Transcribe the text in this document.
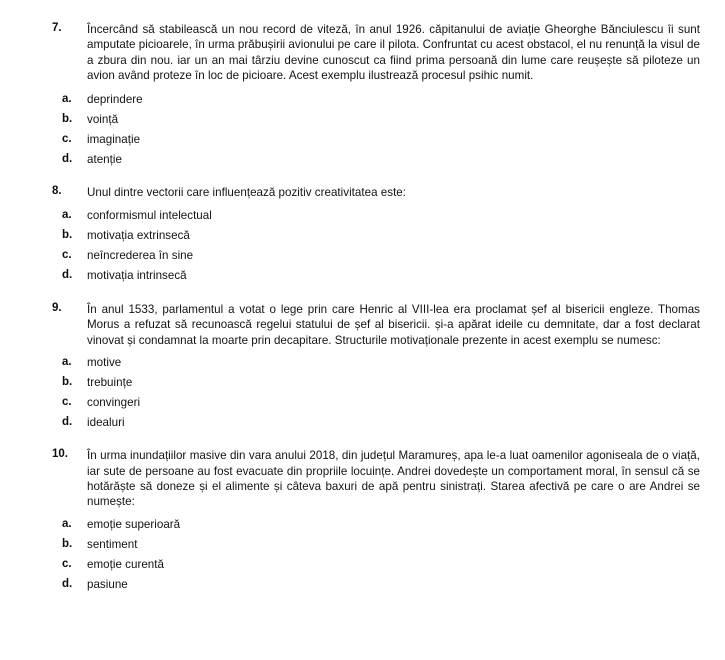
7.	Încercând să stabilească un nou record de viteză, în anul 1926. căpitanului de aviație Gheorghe Bănciulescu îi sunt amputate picioarele, în urma prăbușirii avionului pe care il pilota. Confruntat cu acest obstacol, el nu renunță la visul de a zbura din nou. iar un an mai târziu devine cunoscut ca fiind prima persoană din lume care reușește să piloteze un avion având proteze în loc de picioare. Acest exemplu ilustrează procesul psihic numit.

a.	deprindere
b.	voință
c.	imaginație
d.	atenție
8.	Unul dintre vectorii care influențează pozitiv creativitatea este:

a.	conformismul intelectual
b.	motivația extrinsecă
c.	neîncrederea în sine
d.	motivația intrinsecă
9.	În anul 1533, parlamentul a votat o lege prin care Henric al VIII-lea era proclamat șef al bisericii engleze. Thomas Morus a refuzat să recunoască regelui statului de șef al bisericii. și-a apărat ideile cu demnitate, dar a fost declarat vinovat și condamnat la moarte prin decapitare. Structurile motivaționale prezente in acest exemplu se numesc:

a.	motive
b.	trebuințe
c.	convingeri
d.	idealuri
10.	În urma inundațiilor masive din vara anului 2018, din județul Maramureș, apa le-a luat oamenilor agoniseala de o viață, iar sute de persoane au fost evacuate din propriile locuințe. Andrei dovedește un comportament moral, în sensul că se hotărăște să doneze și el alimente și câteva baxuri de apă pentru sinistrați. Starea afectivă pe care o are Andrei se numește:

a.	emoție superioară
b.	sentiment
c.	emoție curentă
d.	pasiune
